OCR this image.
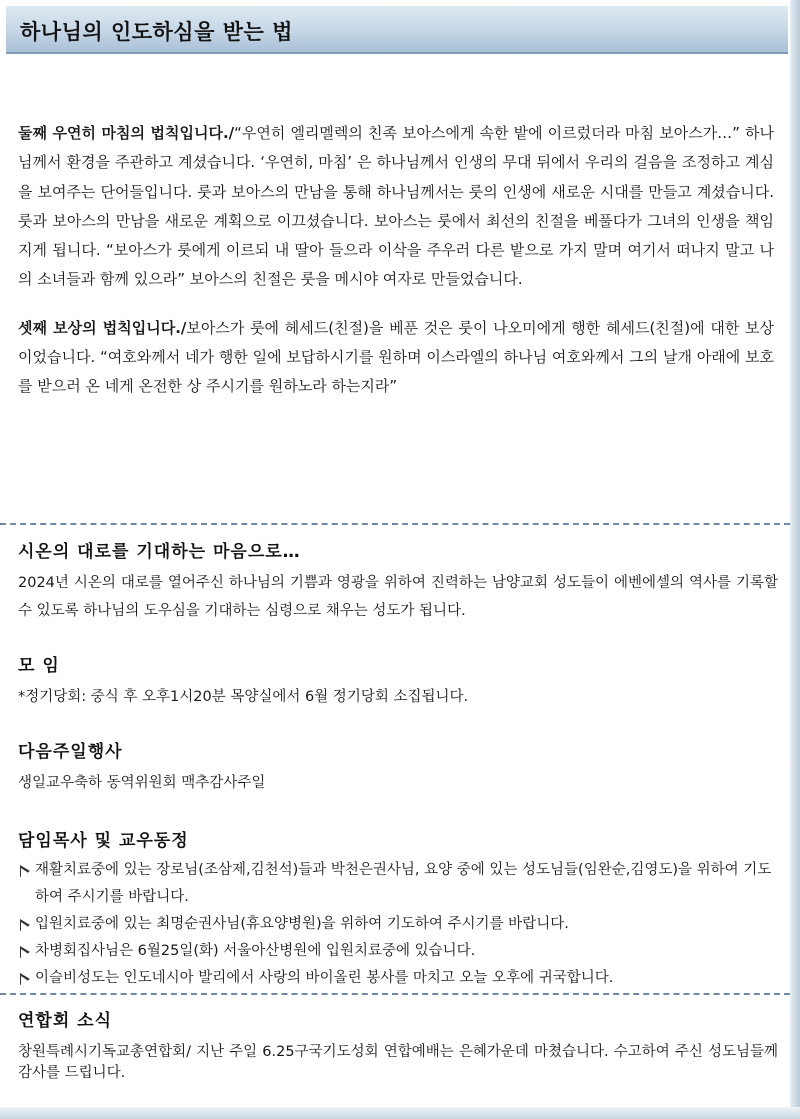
하나님의 인도하심을 받는 법

둘째 우연히 마침의 법칙입니다./“우연히 엘리멜렉의 친족 보아스에게 속한 밭에 이르렀더라 마침 보아스가…” 하나님께서 환경을 주관하고 계셨습니다. ‘우연히, 마침’ 은 하나님께서 인생의 무대 뒤에서 우리의 걸음을 조정하고 계심을 보여주는 단어들입니다. 룻과 보아스의 만남을 통해 하나님께서는 룻의 인생에 새로운 시대를 만들고 계셨습니다. 룻과 보아스의 만남을 새로운 계획으로 이끄셨습니다. 보아스는 룻에서 최선의 친절을 베풀다가 그녀의 인생을 책임지게 됩니다. “보아스가 룻에게 이르되 내 딸아 들으라 이삭을 주우러 다른 밭으로 가지 말며 여기서 떠나지 말고 나의 소녀들과 함께 있으라” 보아스의 친절은 룻을 메시야 여자로 만들었습니다.

셋째 보상의 법칙입니다./보아스가 룻에 헤세드(친절)을 베푼 것은 룻이 나오미에게 행한 헤세드(친절)에 대한 보상이었습니다. “여호와께서 네가 행한 일에 보답하시기를 원하며 이스라엘의 하나님 여호와께서 그의 날개 아래에 보호를 받으러 온 네게 온전한 상 주시기를 원하노라 하는지라”

시온의 대로를 기대하는 마음으로…
2024년 시온의 대로를 열어주신 하나님의 기쁨과 영광을 위하여 진력하는 남양교회 성도들이 에벤에셀의 역사를 기록할 수 있도록 하나님의 도우심을 기대하는 심령으로 채우는 성도가 됩니다.
모 임
*정기당회: 중식 후 오후1시20분 목양실에서 6월 정기당회 소집됩니다.
다음주일행사
생일교우축하 동역위원회 맥추감사주일
담임목사 및 교우동정
재활치료중에 있는 장로님(조삼제,김천석)들과 박천은권사님, 요양 중에 있는 성도님들(임완순,김영도)을 위하여 기도하여 주시기를 바랍니다.
입원치료중에 있는 최명순권사님(휴요양병원)을 위하여 기도하여 주시기를 바랍니다.
차병회집사님은 6월25일(화) 서울아산병원에 입원치료중에 있습니다.
이슬비성도는 인도네시아 발리에서 사랑의 바이올린 봉사를 마치고 오늘 오후에 귀국합니다.
연합회 소식
창원특례시기독교총연합회/ 지난 주일 6.25구국기도성회 연합예배는 은혜가운데 마쳤습니다. 수고하여 주신 성도님들께 감사를 드립니다.
